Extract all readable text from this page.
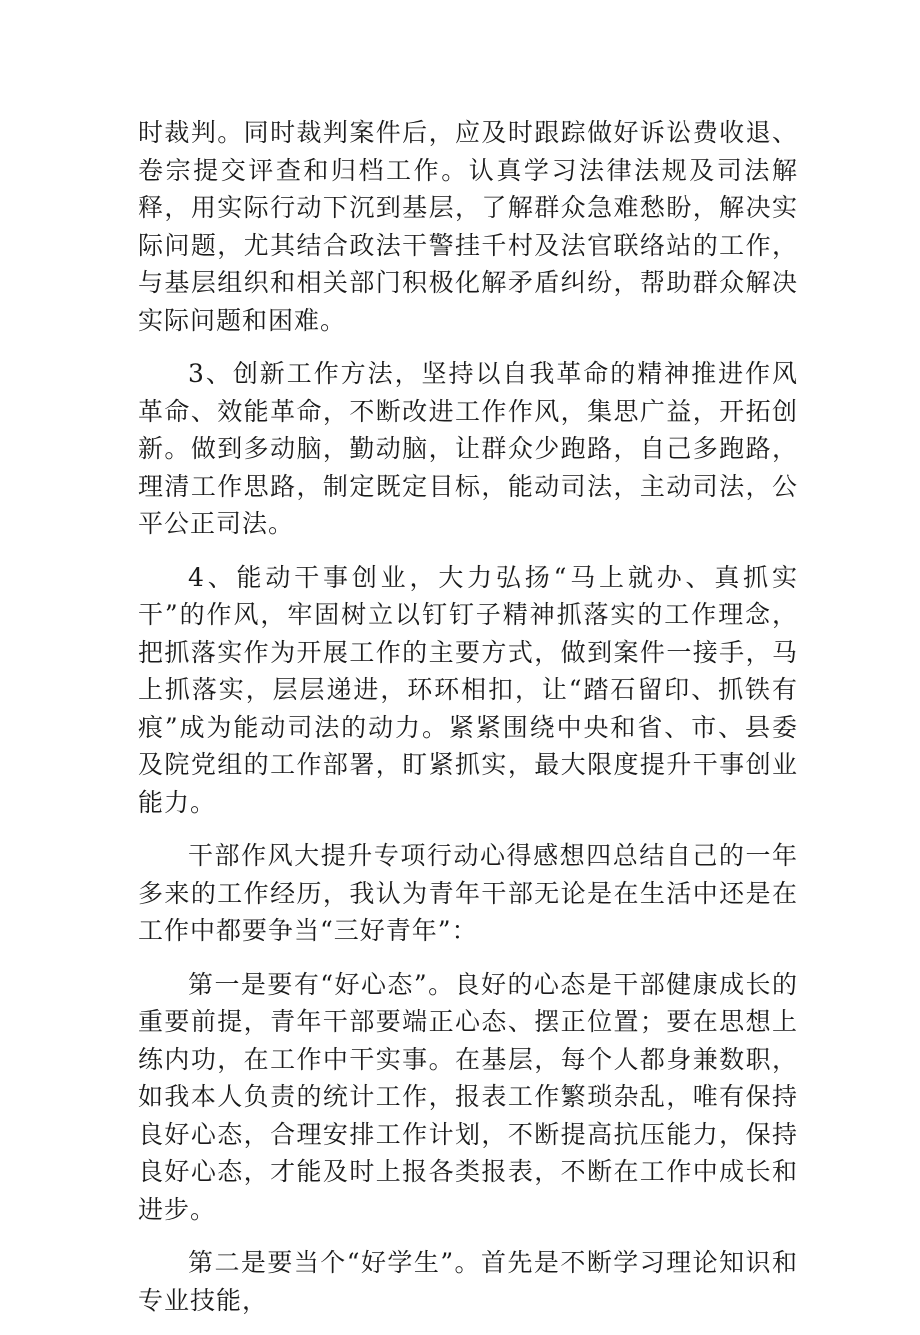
时裁判。同时裁判案件后，应及时跟踪做好诉讼费收退、卷宗提交评查和归档工作。认真学习法律法规及司法解释，用实际行动下沉到基层，了解群众急难愁盼，解决实际问题，尤其结合政法干警挂千村及法官联络站的工作，与基层组织和相关部门积极化解矛盾纠纷，帮助群众解决实际问题和困难。

3、创新工作方法，坚持以自我革命的精神推进作风革命、效能革命，不断改进工作作风，集思广益，开拓创新。做到多动脑，勤动脑，让群众少跑路，自己多跑路，理清工作思路，制定既定目标，能动司法，主动司法，公平公正司法。

4、能动干事创业，大力弘扬“马上就办、真抓实干”的作风，牢固树立以钉钉子精神抓落实的工作理念，把抓落实作为开展工作的主要方式，做到案件一接手，马上抓落实，层层递进，环环相扣，让“踏石留印、抓铁有痕”成为能动司法的动力。紧紧围绕中央和省、市、县委及院党组的工作部署，盯紧抓实，最大限度提升干事创业能力。

干部作风大提升专项行动心得感想四总结自己的一年多来的工作经历，我认为青年干部无论是在生活中还是在工作中都要争当“三好青年”：

第一是要有“好心态”。良好的心态是干部健康成长的重要前提，青年干部要端正心态、摆正位置；要在思想上练内功，在工作中干实事。在基层，每个人都身兼数职，如我本人负责的统计工作，报表工作繁琐杂乱，唯有保持良好心态，合理安排工作计划，不断提高抗压能力，保持良好心态，才能及时上报各类报表，不断在工作中成长和进步。

第二是要当个“好学生”。首先是不断学习理论知识和专业技能，
